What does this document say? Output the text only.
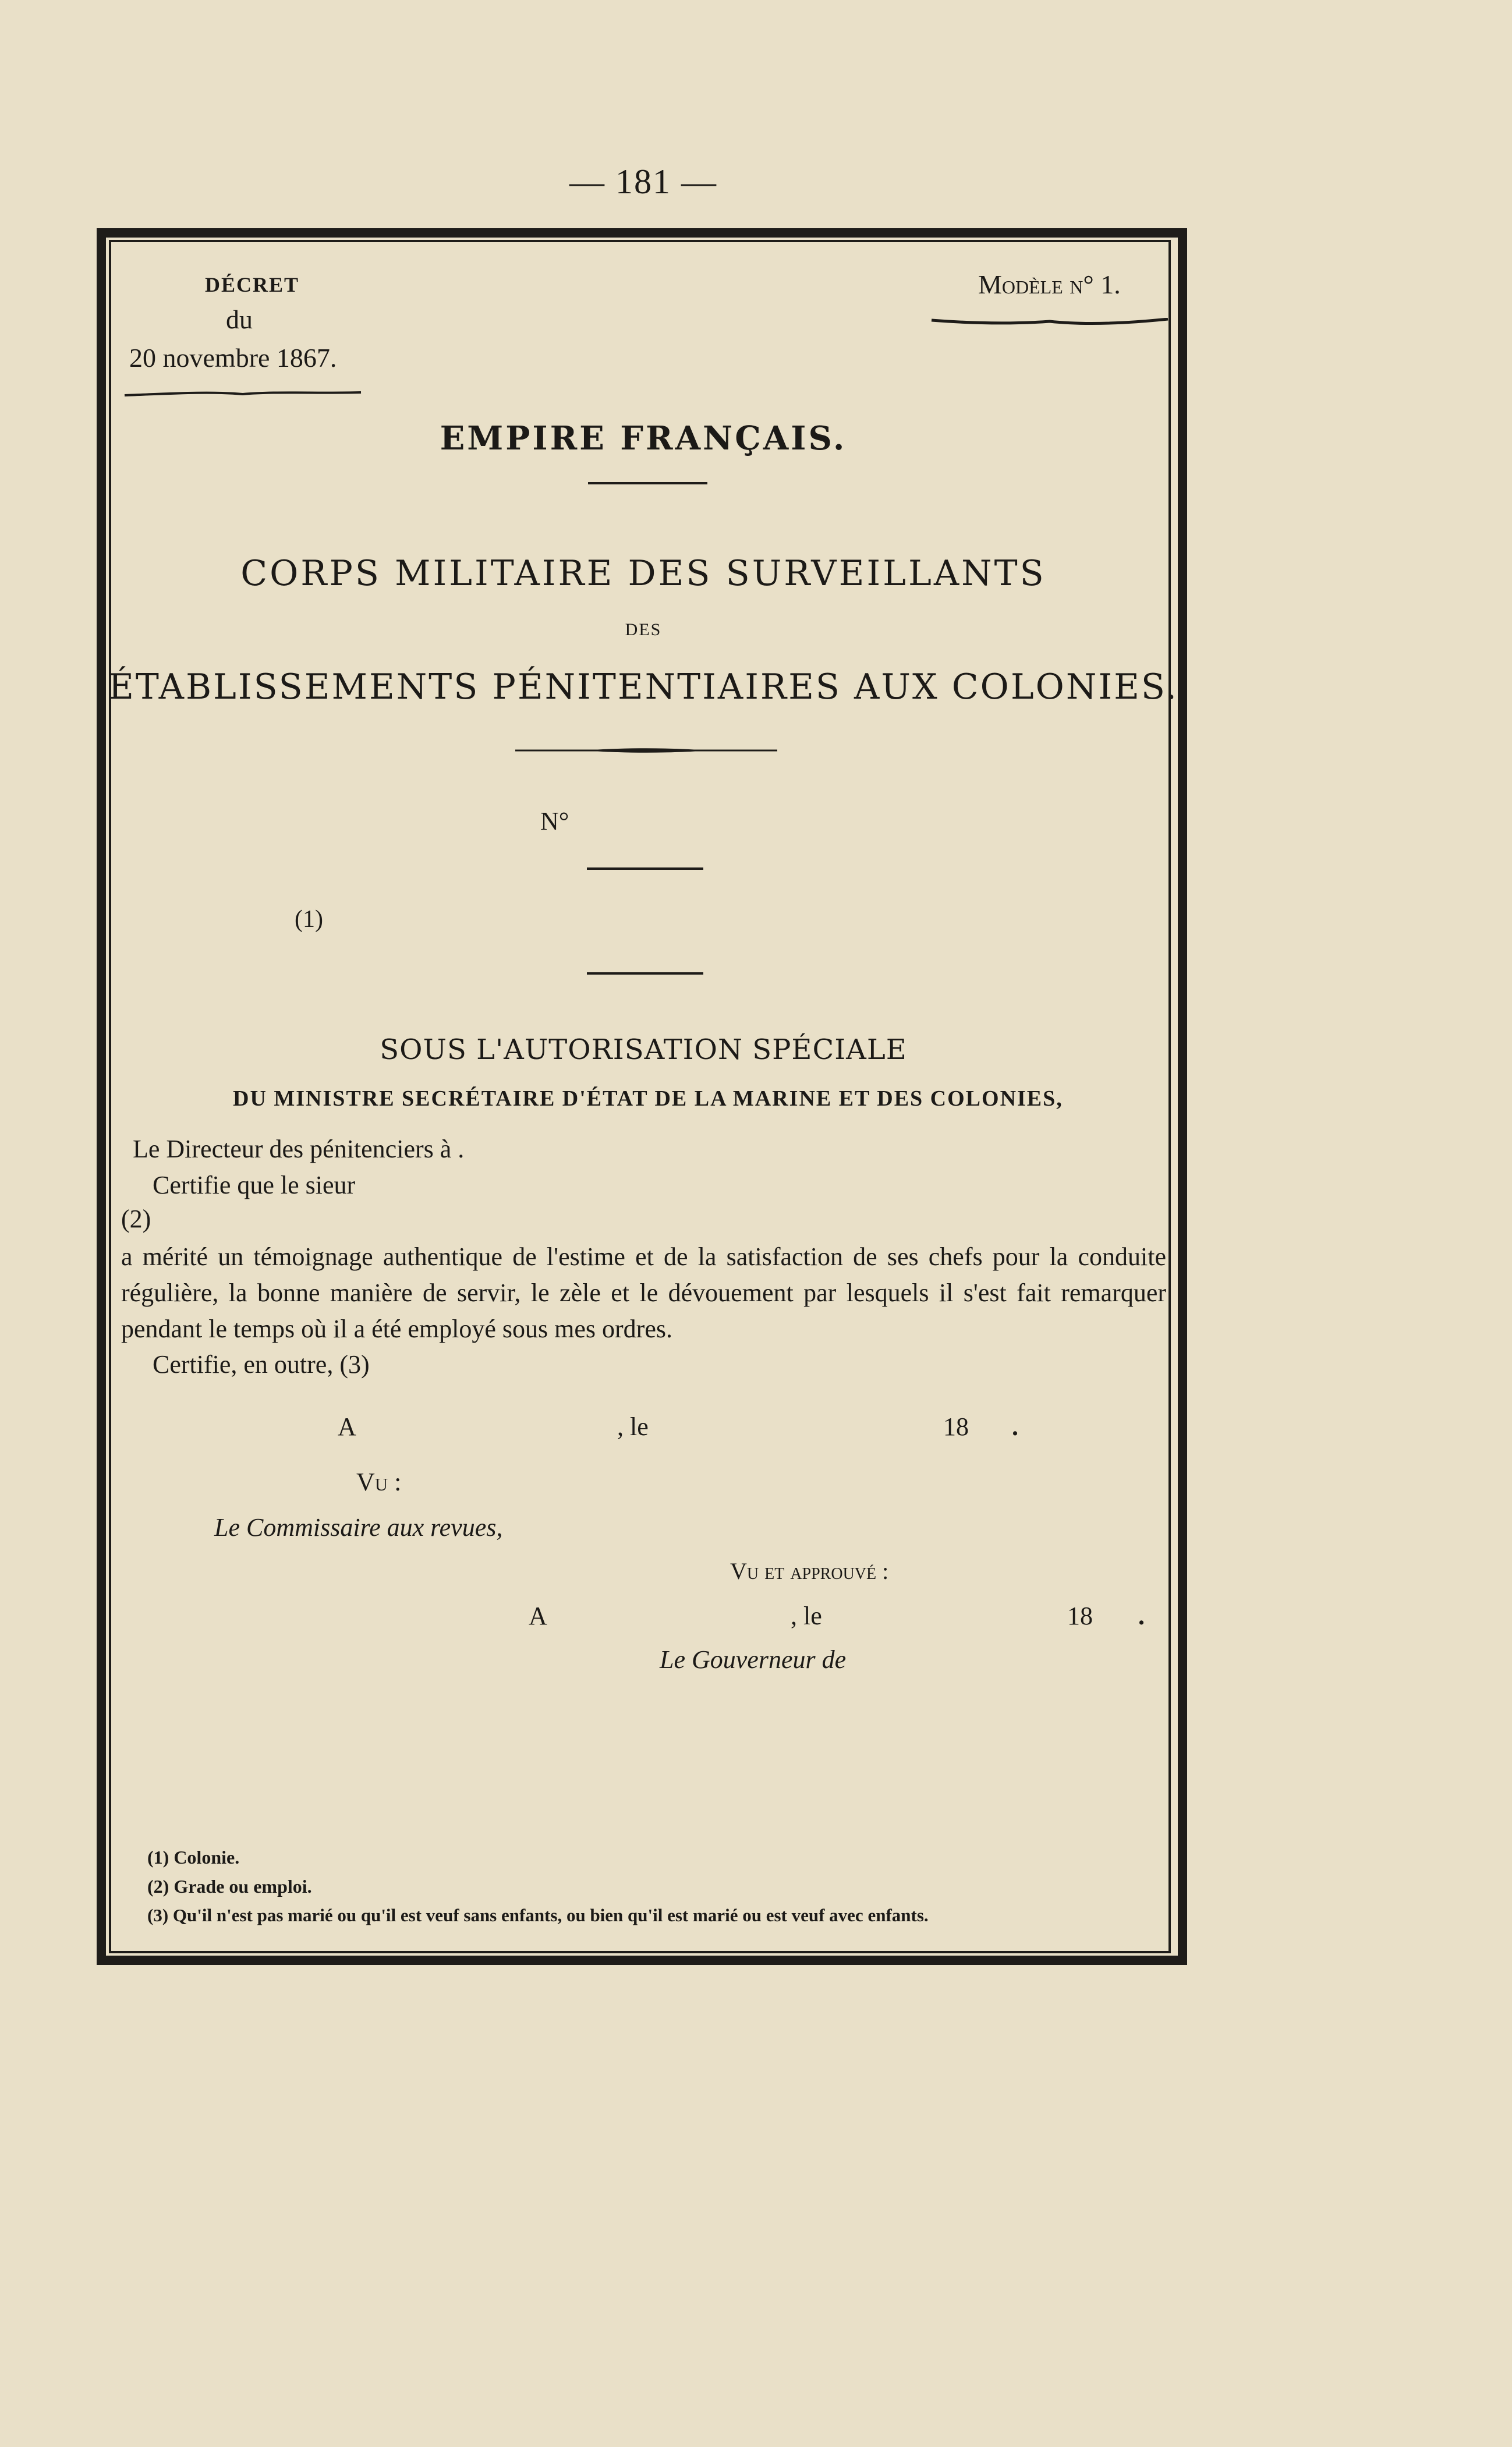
— 181 —
DÉCRET
du
20 novembre 1867.
Modèle n° 1.
EMPIRE FRANÇAIS.
CORPS MILITAIRE DES SURVEILLANTS
DES
ÉTABLISSEMENTS PÉNITENTIAIRES AUX COLONIES.
N°
(1)
SOUS L'AUTORISATION SPÉCIALE
DU MINISTRE SECRÉTAIRE D'ÉTAT DE LA MARINE ET DES COLONIES,
Le Directeur des pénitenciers à .
Certifie que le sieur
(2)
a mérité un témoignage authentique de l'estime et de la satisfaction de ses chefs pour la conduite régulière, la bonne manière de servir, le zèle et le dévouement par lesquels il s'est fait remarquer pendant le temps où il a été employé sous mes ordres.
Certifie, en outre, (3)
A	, le	18 .
Vu :
Le Commissaire aux revues,
Vu et approuvé :
A	, le	18 .
Le Gouverneur de
(1) Colonie.
(2) Grade ou emploi.
(3) Qu'il n'est pas marié ou qu'il est veuf sans enfants, ou bien qu'il est marié ou est veuf avec enfants.
